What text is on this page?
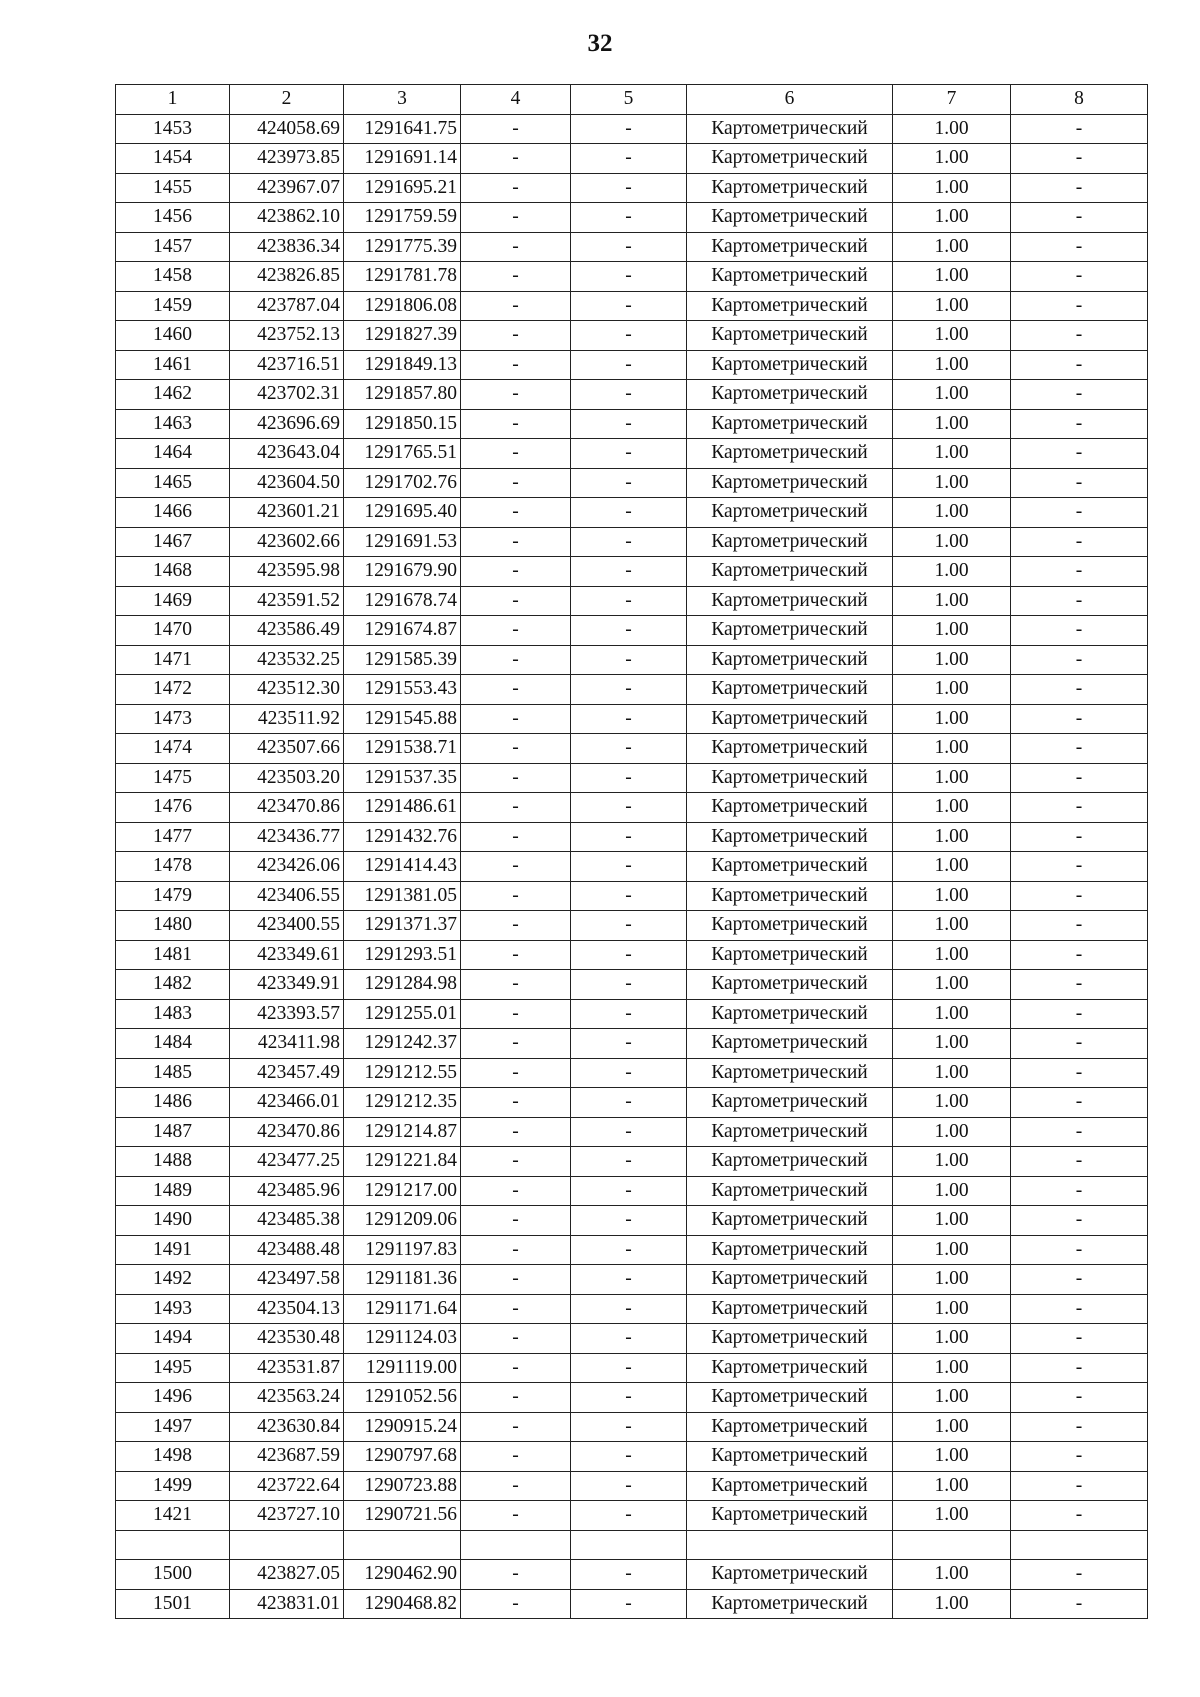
32
1	2	3	4	5	6	7	8
1453	424058.69	1291641.75	-	-	Картометрический	1.00	-
1454	423973.85	1291691.14	-	-	Картометрический	1.00	-
1455	423967.07	1291695.21	-	-	Картометрический	1.00	-
1456	423862.10	1291759.59	-	-	Картометрический	1.00	-
1457	423836.34	1291775.39	-	-	Картометрический	1.00	-
1458	423826.85	1291781.78	-	-	Картометрический	1.00	-
1459	423787.04	1291806.08	-	-	Картометрический	1.00	-
1460	423752.13	1291827.39	-	-	Картометрический	1.00	-
1461	423716.51	1291849.13	-	-	Картометрический	1.00	-
1462	423702.31	1291857.80	-	-	Картометрический	1.00	-
1463	423696.69	1291850.15	-	-	Картометрический	1.00	-
1464	423643.04	1291765.51	-	-	Картометрический	1.00	-
1465	423604.50	1291702.76	-	-	Картометрический	1.00	-
1466	423601.21	1291695.40	-	-	Картометрический	1.00	-
1467	423602.66	1291691.53	-	-	Картометрический	1.00	-
1468	423595.98	1291679.90	-	-	Картометрический	1.00	-
1469	423591.52	1291678.74	-	-	Картометрический	1.00	-
1470	423586.49	1291674.87	-	-	Картометрический	1.00	-
1471	423532.25	1291585.39	-	-	Картометрический	1.00	-
1472	423512.30	1291553.43	-	-	Картометрический	1.00	-
1473	423511.92	1291545.88	-	-	Картометрический	1.00	-
1474	423507.66	1291538.71	-	-	Картометрический	1.00	-
1475	423503.20	1291537.35	-	-	Картометрический	1.00	-
1476	423470.86	1291486.61	-	-	Картометрический	1.00	-
1477	423436.77	1291432.76	-	-	Картометрический	1.00	-
1478	423426.06	1291414.43	-	-	Картометрический	1.00	-
1479	423406.55	1291381.05	-	-	Картометрический	1.00	-
1480	423400.55	1291371.37	-	-	Картометрический	1.00	-
1481	423349.61	1291293.51	-	-	Картометрический	1.00	-
1482	423349.91	1291284.98	-	-	Картометрический	1.00	-
1483	423393.57	1291255.01	-	-	Картометрический	1.00	-
1484	423411.98	1291242.37	-	-	Картометрический	1.00	-
1485	423457.49	1291212.55	-	-	Картометрический	1.00	-
1486	423466.01	1291212.35	-	-	Картометрический	1.00	-
1487	423470.86	1291214.87	-	-	Картометрический	1.00	-
1488	423477.25	1291221.84	-	-	Картометрический	1.00	-
1489	423485.96	1291217.00	-	-	Картометрический	1.00	-
1490	423485.38	1291209.06	-	-	Картометрический	1.00	-
1491	423488.48	1291197.83	-	-	Картометрический	1.00	-
1492	423497.58	1291181.36	-	-	Картометрический	1.00	-
1493	423504.13	1291171.64	-	-	Картометрический	1.00	-
1494	423530.48	1291124.03	-	-	Картометрический	1.00	-
1495	423531.87	1291119.00	-	-	Картометрический	1.00	-
1496	423563.24	1291052.56	-	-	Картометрический	1.00	-
1497	423630.84	1290915.24	-	-	Картометрический	1.00	-
1498	423687.59	1290797.68	-	-	Картометрический	1.00	-
1499	423722.64	1290723.88	-	-	Картометрический	1.00	-
1421	423727.10	1290721.56	-	-	Картометрический	1.00	-

1500	423827.05	1290462.90	-	-	Картометрический	1.00	-
1501	423831.01	1290468.82	-	-	Картометрический	1.00	-
